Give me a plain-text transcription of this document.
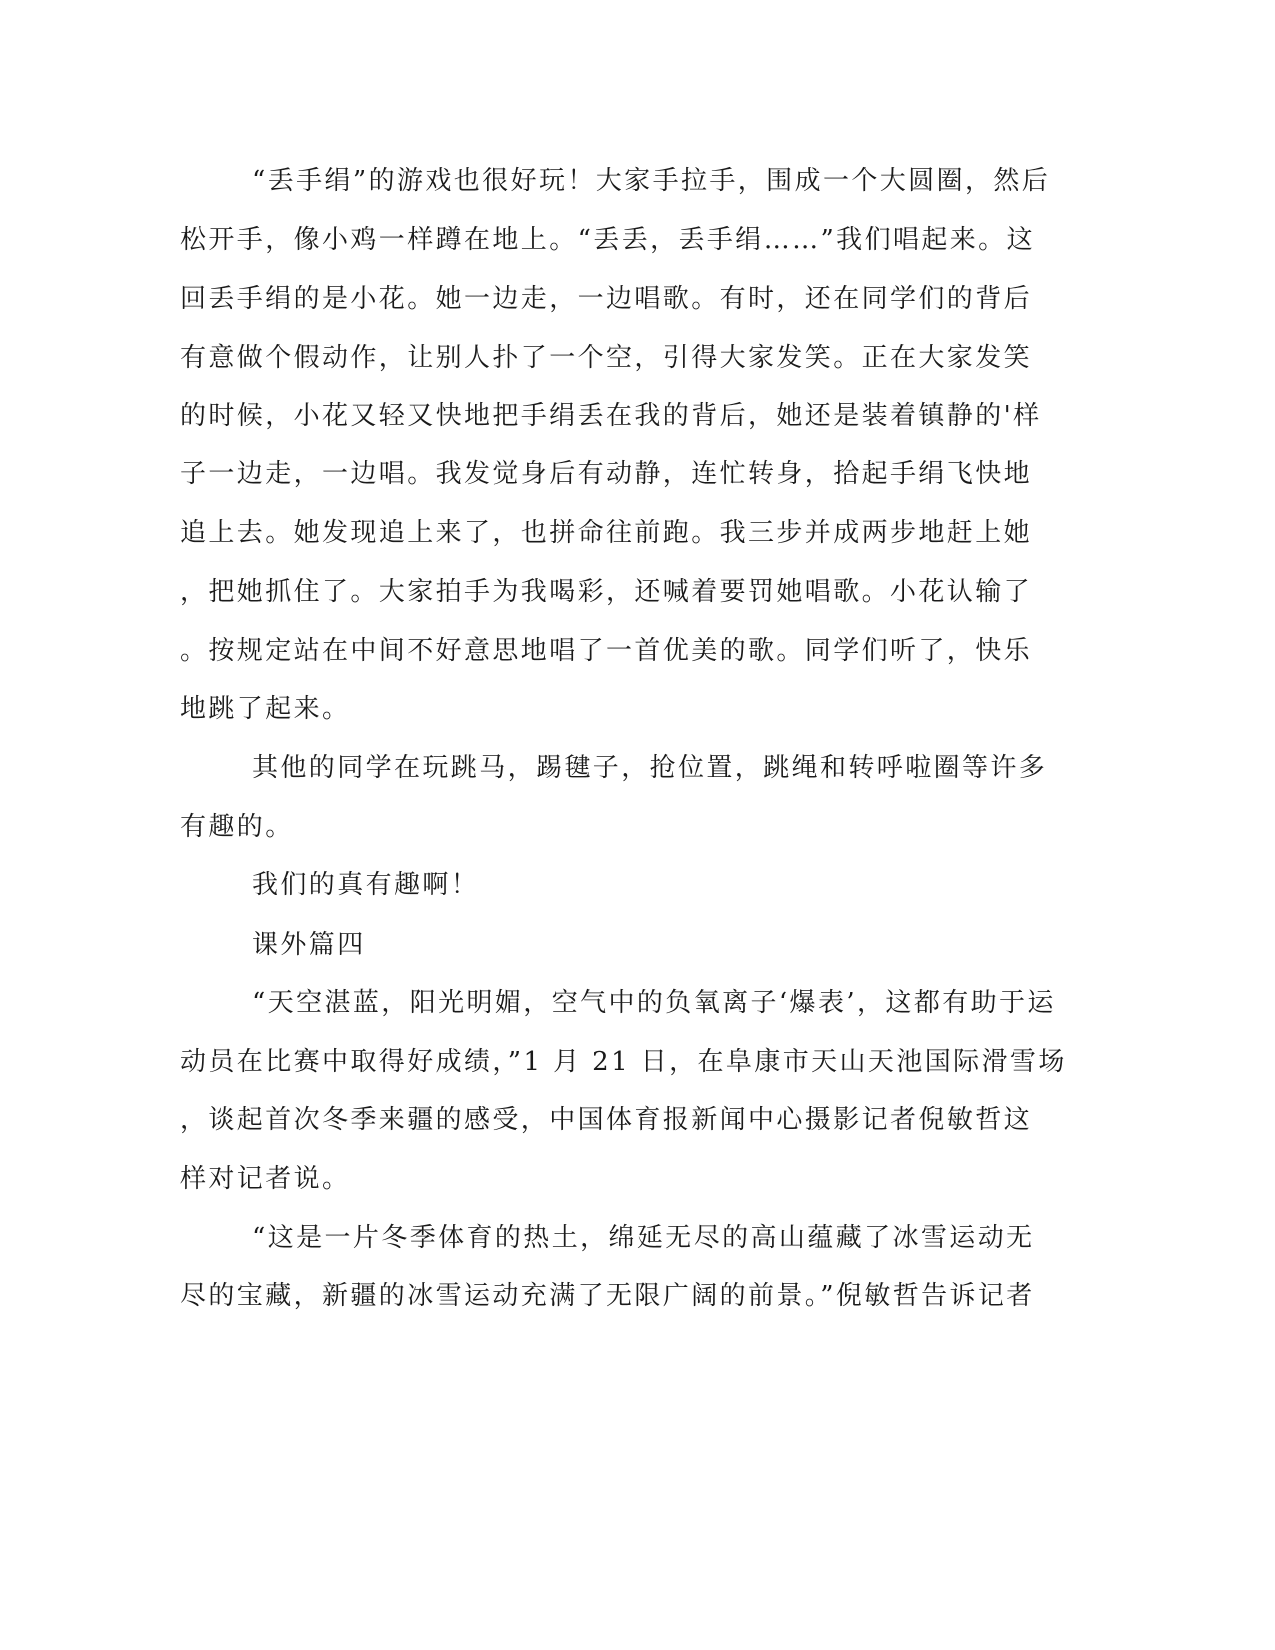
“丢手绢”的游戏也很好玩！大家手拉手，围成一个大圆圈，然后

松开手，像小鸡一样蹲在地上。“丢丢，丢手绢……”我们唱起来。这

回丢手绢的是小花。她一边走，一边唱歌。有时，还在同学们的背后

有意做个假动作，让别人扑了一个空，引得大家发笑。正在大家发笑

的时候，小花又轻又快地把手绢丢在我的背后，她还是装着镇静的'样

子一边走，一边唱。我发觉身后有动静，连忙转身，拾起手绢飞快地

追上去。她发现追上来了，也拼命往前跑。我三步并成两步地赶上她

，把她抓住了。大家拍手为我喝彩，还喊着要罚她唱歌。小花认输了

。按规定站在中间不好意思地唱了一首优美的歌。同学们听了，快乐

地跳了起来。

其他的同学在玩跳马，踢毽子，抢位置，跳绳和转呼啦圈等许多

有趣的。

我们的真有趣啊！

课外篇四

“天空湛蓝，阳光明媚，空气中的负氧离子‘爆表’，这都有助于运

动员在比赛中取得好成绩，”1 月 21 日，在阜康市天山天池国际滑雪场

，谈起首次冬季来疆的感受，中国体育报新闻中心摄影记者倪敏哲这

样对记者说。

“这是一片冬季体育的热土，绵延无尽的高山蕴藏了冰雪运动无

尽的宝藏，新疆的冰雪运动充满了无限广阔的前景。”倪敏哲告诉记者
